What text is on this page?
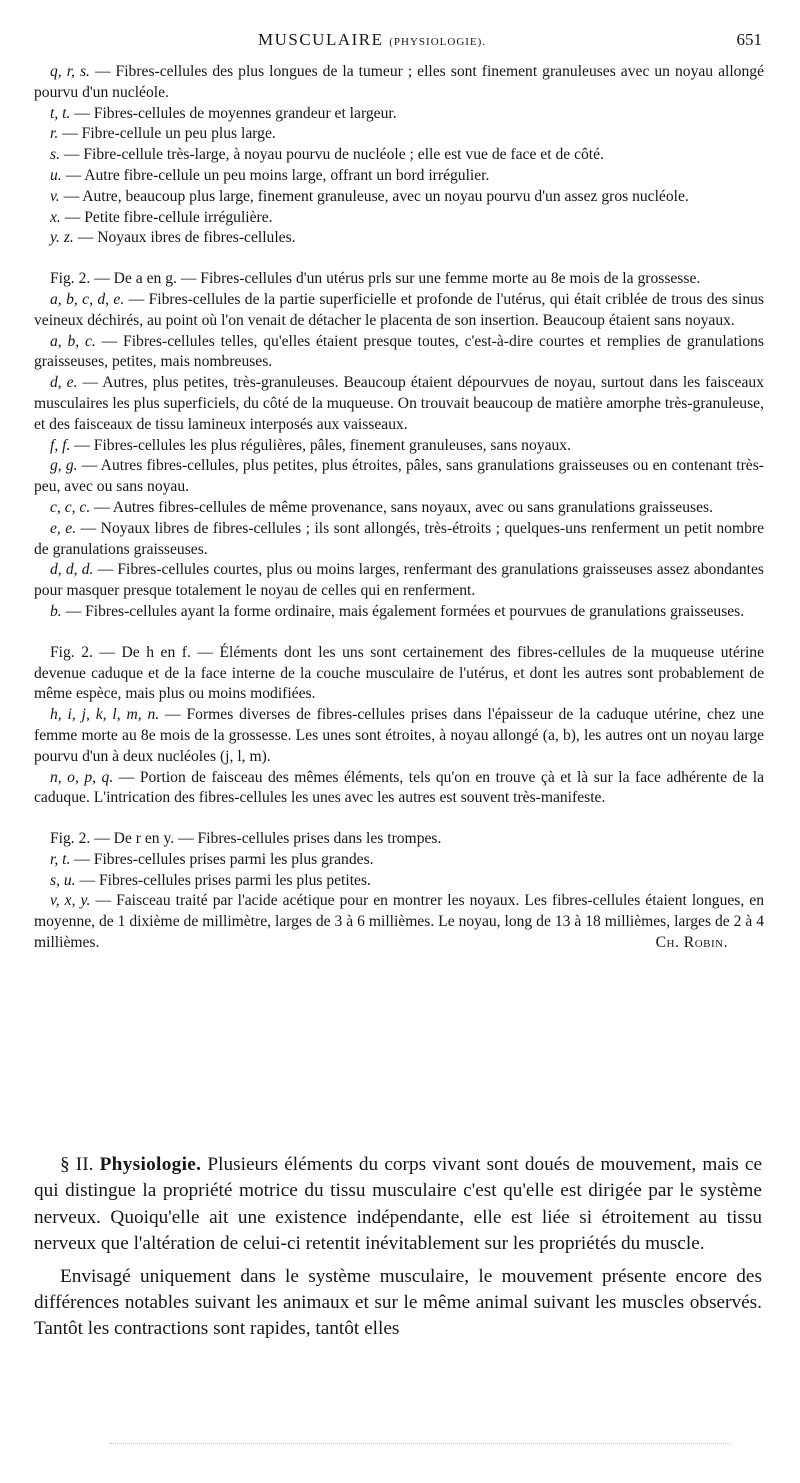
MUSCULAIRE (PHYSIOLOGIE).	651

q, r, s. — Fibres-cellules des plus longues de la tumeur ; elles sont finement granuleuses avec un noyau allongé pourvu d'un nucléole.

t, t. — Fibres-cellules de moyennes grandeur et largeur.

r. — Fibre-cellule un peu plus large.

s. — Fibre-cellule très-large, à noyau pourvu de nucléole ; elle est vue de face et de côté.

u. — Autre fibre-cellule un peu moins large, offrant un bord irrégulier.

v. — Autre, beaucoup plus large, finement granuleuse, avec un noyau pourvu d'un assez gros nucléole.

x. — Petite fibre-cellule irrégulière.

y. z. — Noyaux ibres de fibres-cellules.

Fig. 2. — De a en g. — Fibres-cellules d'un utérus prls sur une femme morte au 8e mois de la grossesse.

a, b, c, d, e. — Fibres-cellules de la partie superficielle et profonde de l'utérus, qui était criblée de trous des sinus veineux déchirés, au point où l'on venait de détacher le placenta de son insertion. Beaucoup étaient sans noyaux.

a, b, c. — Fibres-cellules telles, qu'elles étaient presque toutes, c'est-à-dire courtes et remplies de granulations graisseuses, petites, mais nombreuses.

d, e. — Autres, plus petites, très-granuleuses. Beaucoup étaient dépourvues de noyau, surtout dans les faisceaux musculaires les plus superficiels, du côté de la muqueuse. On trouvait beaucoup de matière amorphe très-granuleuse, et des faisceaux de tissu lamineux interposés aux vaisseaux.

f, f. — Fibres-cellules les plus régulières, pâles, finement granuleuses, sans noyaux.

g, g. — Autres fibres-cellules, plus petites, plus étroites, pâles, sans granulations graisseuses ou en contenant très-peu, avec ou sans noyau.

c, c, c. — Autres fibres-cellules de même provenance, sans noyaux, avec ou sans granulations graisseuses.

e, e. — Noyaux libres de fibres-cellules ; ils sont allongés, très-étroits ; quelques-uns renferment un petit nombre de granulations graisseuses.

d, d, d. — Fibres-cellules courtes, plus ou moins larges, renfermant des granulations graisseuses assez abondantes pour masquer presque totalement le noyau de celles qui en renferment.

b. — Fibres-cellules ayant la forme ordinaire, mais également formées et pourvues de granulations graisseuses.

Fig. 2. — De h en f. — Éléments dont les uns sont certainement des fibres-cellules de la muqueuse utérine devenue caduque et de la face interne de la couche musculaire de l'utérus, et dont les autres sont probablement de même espèce, mais plus ou moins modifiées.

h, i, j, k, l, m, n. — Formes diverses de fibres-cellules prises dans l'épaisseur de la caduque utérine, chez une femme morte au 8e mois de la grossesse. Les unes sont étroites, à noyau allongé (a, b), les autres ont un noyau large pourvu d'un à deux nucléoles (j, l, m).

n, o, p, q. — Portion de faisceau des mêmes éléments, tels qu'on en trouve çà et là sur la face adhérente de la caduque. L'intrication des fibres-cellules les unes avec les autres est souvent très-manifeste.

Fig. 2. — De r en y. — Fibres-cellules prises dans les trompes.

r, t. — Fibres-cellules prises parmi les plus grandes.

s, u. — Fibres-cellules prises parmi les plus petites.

v, x, y. — Faisceau traité par l'acide acétique pour en montrer les noyaux. Les fibres-cellules étaient longues, en moyenne, de 1 dixième de millimètre, larges de 3 à 6 millièmes. Le noyau, long de 13 à 18 millièmes, larges de 2 à 4 millièmes.	Ch. Robin.

§ II. Physiologie. Plusieurs éléments du corps vivant sont doués de mouvement, mais ce qui distingue la propriété motrice du tissu musculaire c'est qu'elle est dirigée par le système nerveux. Quoiqu'elle ait une existence indépendante, elle est liée si étroitement au tissu nerveux que l'altération de celui-ci retentit inévitablement sur les propriétés du muscle.

Envisagé uniquement dans le système musculaire, le mouvement présente encore des différences notables suivant les animaux et sur le même animal suivant les muscles observés. Tantôt les contractions sont rapides, tantôt elles
